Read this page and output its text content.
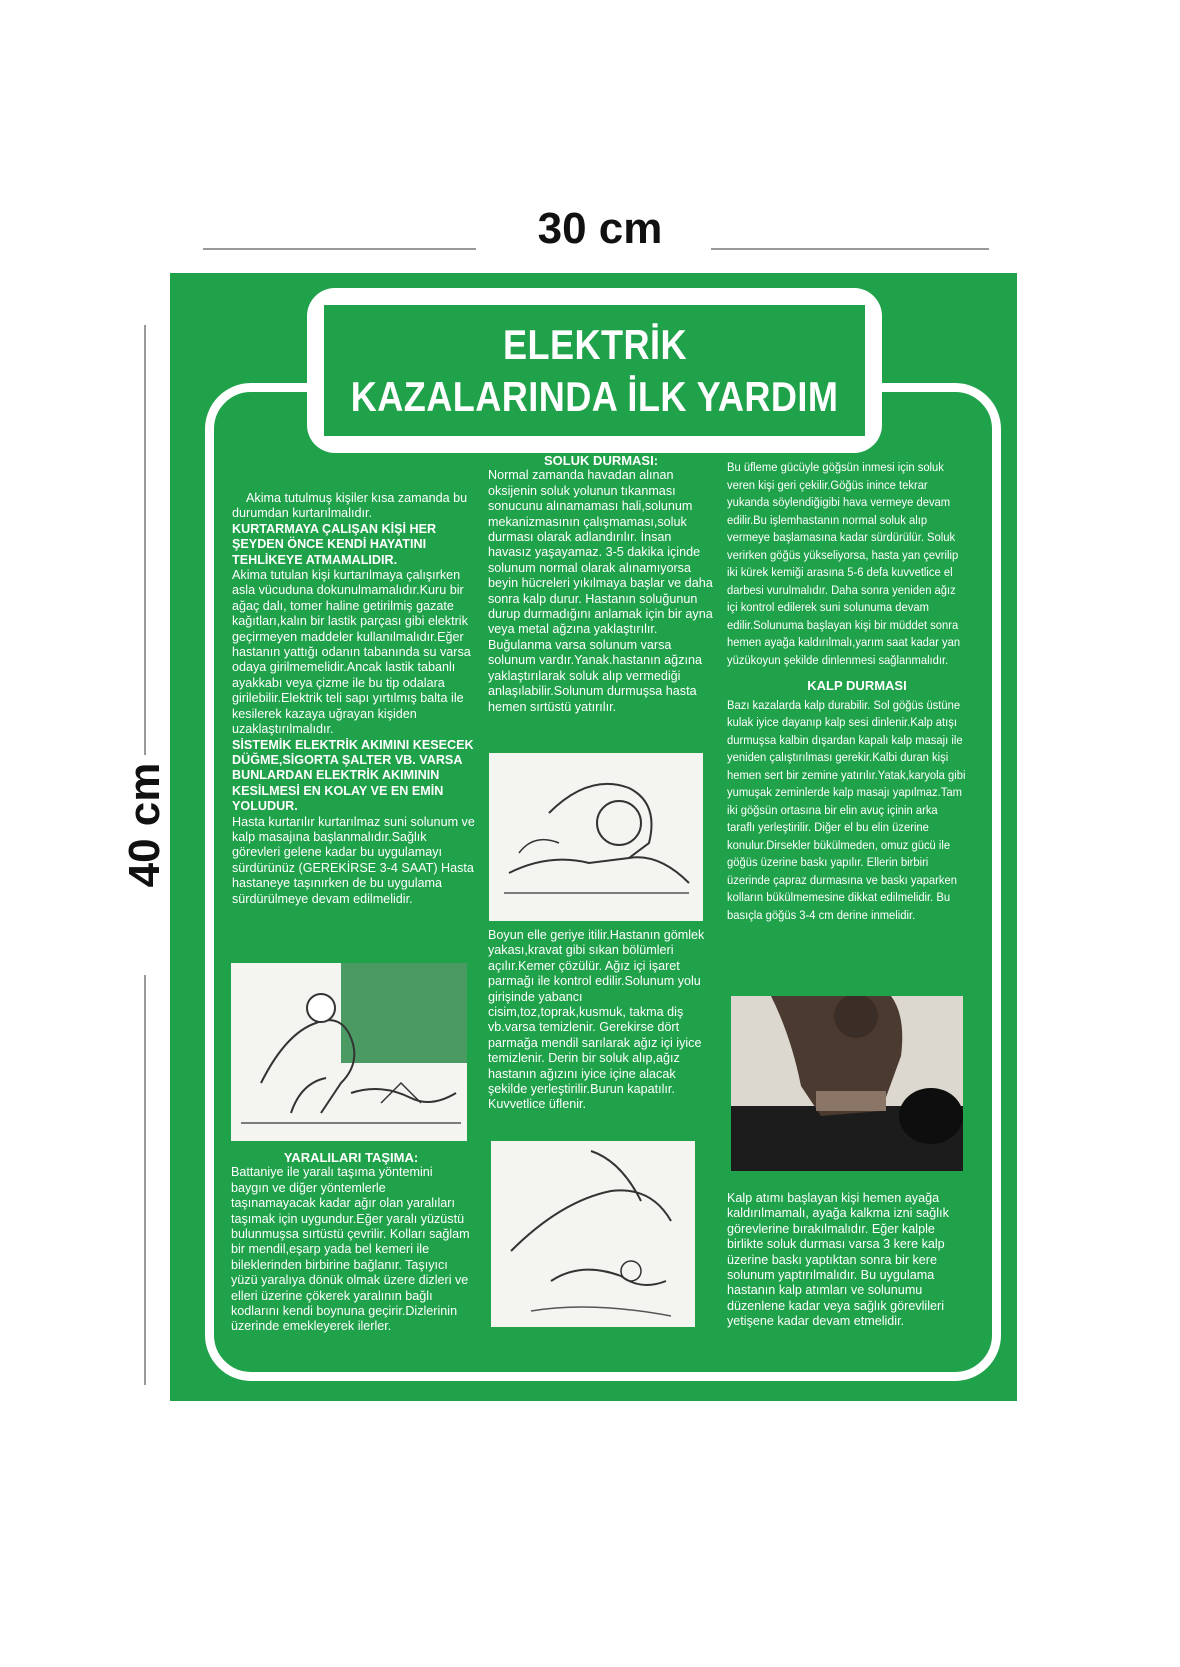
30 cm
40 cm
ELEKTRİK
KAZALARINDA İLK YARDIM

Akima tutulmuş kişiler kısa zamanda bu durumdan kurtarılmalıdır.

KURTARMAYA ÇALIŞAN KİŞİ HER ŞEYDEN ÖNCE KENDİ HAYATINI TEHLİKEYE ATMAMALIDIR.

Akima tutulan kişi kurtarılmaya çalışırken asla vücuduna dokunulmamalıdır.Kuru bir ağaç dalı, tomer haline getirilmiş gazate kağıtları,kalın bir lastik parçası gibi elektrik geçirmeyen maddeler kullanılmalıdır.Eğer hastanın yattığı odanın tabanında su varsa odaya girilmemelidir.Ancak lastik tabanlı ayakkabı veya çizme ile bu tip odalara girilebilir.Elektrik teli sapı yırtılmış balta ile kesilerek kazaya uğrayan kişiden uzaklaştırılmalıdır.

SİSTEMİK ELEKTRİK AKIMINI KESECEK DÜĞME,SİGORTA ŞALTER VB. VARSA BUNLARDAN ELEKTRİK AKIMININ KESİLMESİ EN KOLAY VE EN EMİN YOLUDUR.

Hasta kurtarılır kurtarılmaz suni solunum ve kalp masajına başlanmalıdır.Sağlık görevleri gelene kadar bu uygulamayı sürdürünüz (GEREKİRSE 3-4 SAAT) Hasta hastaneye taşınırken de bu uygulama sürdürülmeye devam edilmelidir.

YARALILARI TAŞIMA:

Battaniye ile yaralı taşıma yöntemini baygın ve diğer yöntemlerle taşınamayacak kadar ağır olan yaralıları taşımak için uygundur.Eğer yaralı yüzüstü bulunmuşsa sırtüstü çevrilir. Kolları sağlam bir mendil,eşarp yada bel kemeri ile bileklerinden birbirine bağlanır. Taşıyıcı yüzü yaralıya dönük olmak üzere dizleri ve elleri üzerine çökerek yaralının bağlı kodlarını kendi boynuna geçirir.Dizlerinin üzerinde emekleyerek ilerler.

SOLUK DURMASI:

Normal zamanda havadan alınan oksijenin soluk yolunun tıkanması sonucunu alınamaması hali,solunum mekanizmasının çalışmaması,soluk durması olarak adlandırılır. İnsan havasız yaşayamaz. 3-5 dakika içinde solunum normal olarak alınamıyorsa beyin hücreleri yıkılmaya başlar ve daha sonra kalp durur. Hastanın soluğunun durup durmadığını anlamak için bir ayna veya metal ağzına yaklaştırılır. Buğulanma varsa solunum varsa solunum vardır.Yanak.hastanın ağzına yaklaştırılarak soluk alıp vermediği anlaşılabilir.Solunum durmuşsa hasta hemen sırtüstü yatırılır.

Boyun elle geriye itilir.Hastanın gömlek yakası,kravat gibi sıkan bölümleri açılır.Kemer çözülür. Ağız içi işaret parmağı ile kontrol edilir.Solunum yolu girişinde yabancı cisim,toz,toprak,kusmuk, takma diş vb.varsa temizlenir. Gerekirse dört parmağa mendil sarılarak ağız içi iyice temizlenir. Derin bir soluk alıp,ağız hastanın ağızını iyice içine alacak şekilde yerleştirilir.Burun kapatılır. Kuvvetlice üflenir.

Bu üfleme gücüyle göğsün inmesi için soluk veren kişi geri çekilir.Göğüs inince tekrar yukanda söylendiğigibi hava vermeye devam edilir.Bu işlemhastanın normal soluk alıp vermeye başlamasına kadar sürdürülür. Soluk verirken göğüs yükseliyorsa, hasta yan çevrilip iki kürek kemiği arasına 5-6 defa kuvvetlice el darbesi vurulmalıdır. Daha sonra yeniden ağız içi kontrol edilerek suni solunuma devam edilir.Solunuma başlayan kişi bir müddet sonra hemen ayağa kaldırılmalı,yarım saat kadar yan yüzükoyun şekilde dinlenmesi sağlanmalıdır.

KALP DURMASI

Bazı kazalarda kalp durabilir. Sol göğüs üstüne kulak iyice dayanıp kalp sesi dinlenir.Kalp atışı durmuşsa kalbin dışardan kapalı kalp masajı ile yeniden çalıştırılması gerekir.Kalbi duran kişi hemen sert bir zemine yatırılır.Yatak,karyola gibi yumuşak zeminlerde kalp masajı yapılmaz.Tam iki göğsün ortasına bir elin avuç içinin arka taraflı yerleştirilir. Diğer el bu elin üzerine konulur.Dirsekler bükülmeden, omuz gücü ile göğüs üzerine baskı yapılır. Ellerin birbiri üzerinde çapraz durmasına ve baskı yaparken kolların bükülmemesine dikkat edilmelidir. Bu basıçla göğüs 3-4 cm derine inmelidir.

Kalp atımı başlayan kişi hemen ayağa kaldırılmamalı, ayağa kalkma izni sağlık görevlerine bırakılmalıdır. Eğer kalple birlikte soluk durması varsa 3 kere kalp üzerine baskı yaptıktan sonra bir kere solunum yaptırılmalıdır. Bu uygulama hastanın kalp atımları ve solunumu düzenlene kadar veya sağlık görevlileri yetişene kadar devam etmelidir.
